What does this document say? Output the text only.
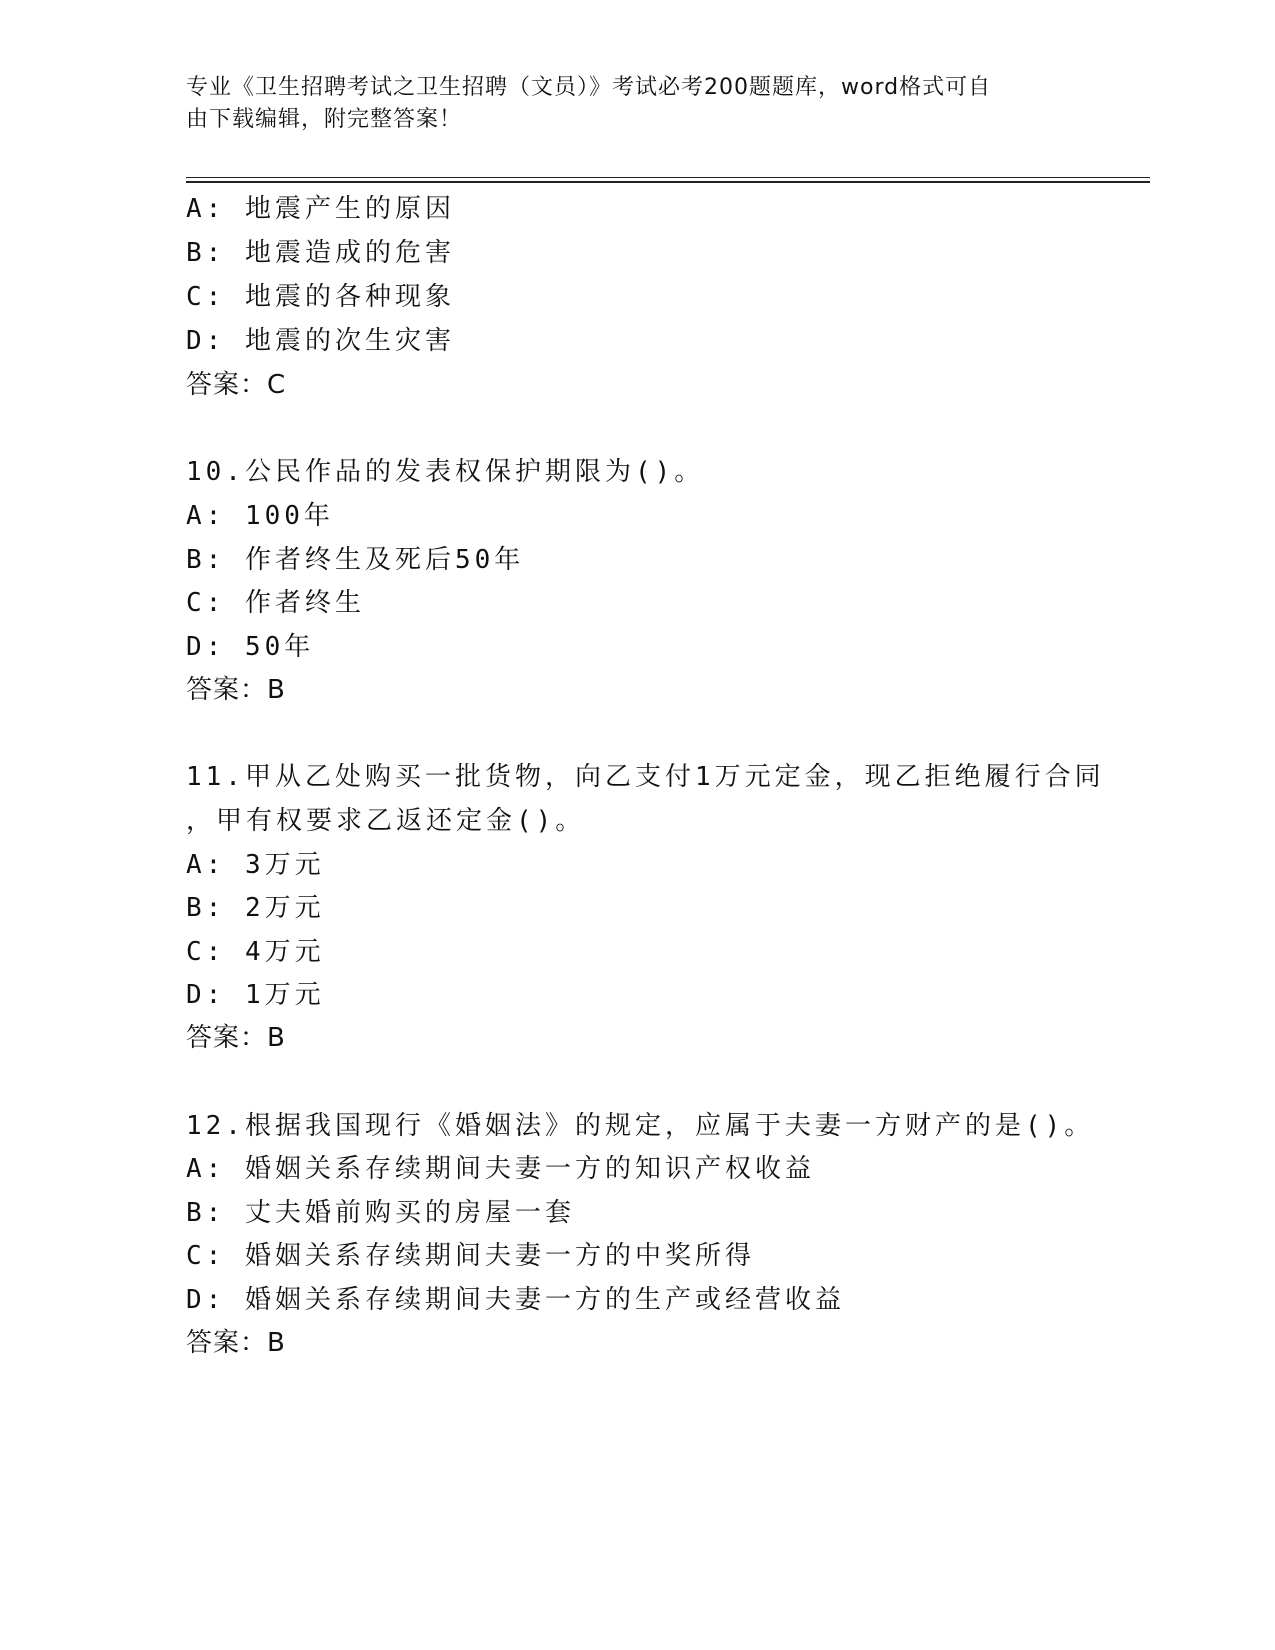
专业《卫生招聘考试之卫生招聘（文员）》考试必考200题题库，word格式可自
由下载编辑，附完整答案！
A: 地震产生的原因
B: 地震造成的危害
C: 地震的各种现象
D: 地震的次生灾害
答案：C
10.公民作品的发表权保护期限为()。
A: 100年
B: 作者终生及死后50年
C: 作者终生
D: 50年
答案：B
11.甲从乙处购买一批货物，向乙支付1万元定金，现乙拒绝履行合同
，甲有权要求乙返还定金()。
A: 3万元
B: 2万元
C: 4万元
D: 1万元
答案：B
12.根据我国现行《婚姻法》的规定，应属于夫妻一方财产的是()。
A: 婚姻关系存续期间夫妻一方的知识产权收益
B: 丈夫婚前购买的房屋一套
C: 婚姻关系存续期间夫妻一方的中奖所得
D: 婚姻关系存续期间夫妻一方的生产或经营收益
答案：B
